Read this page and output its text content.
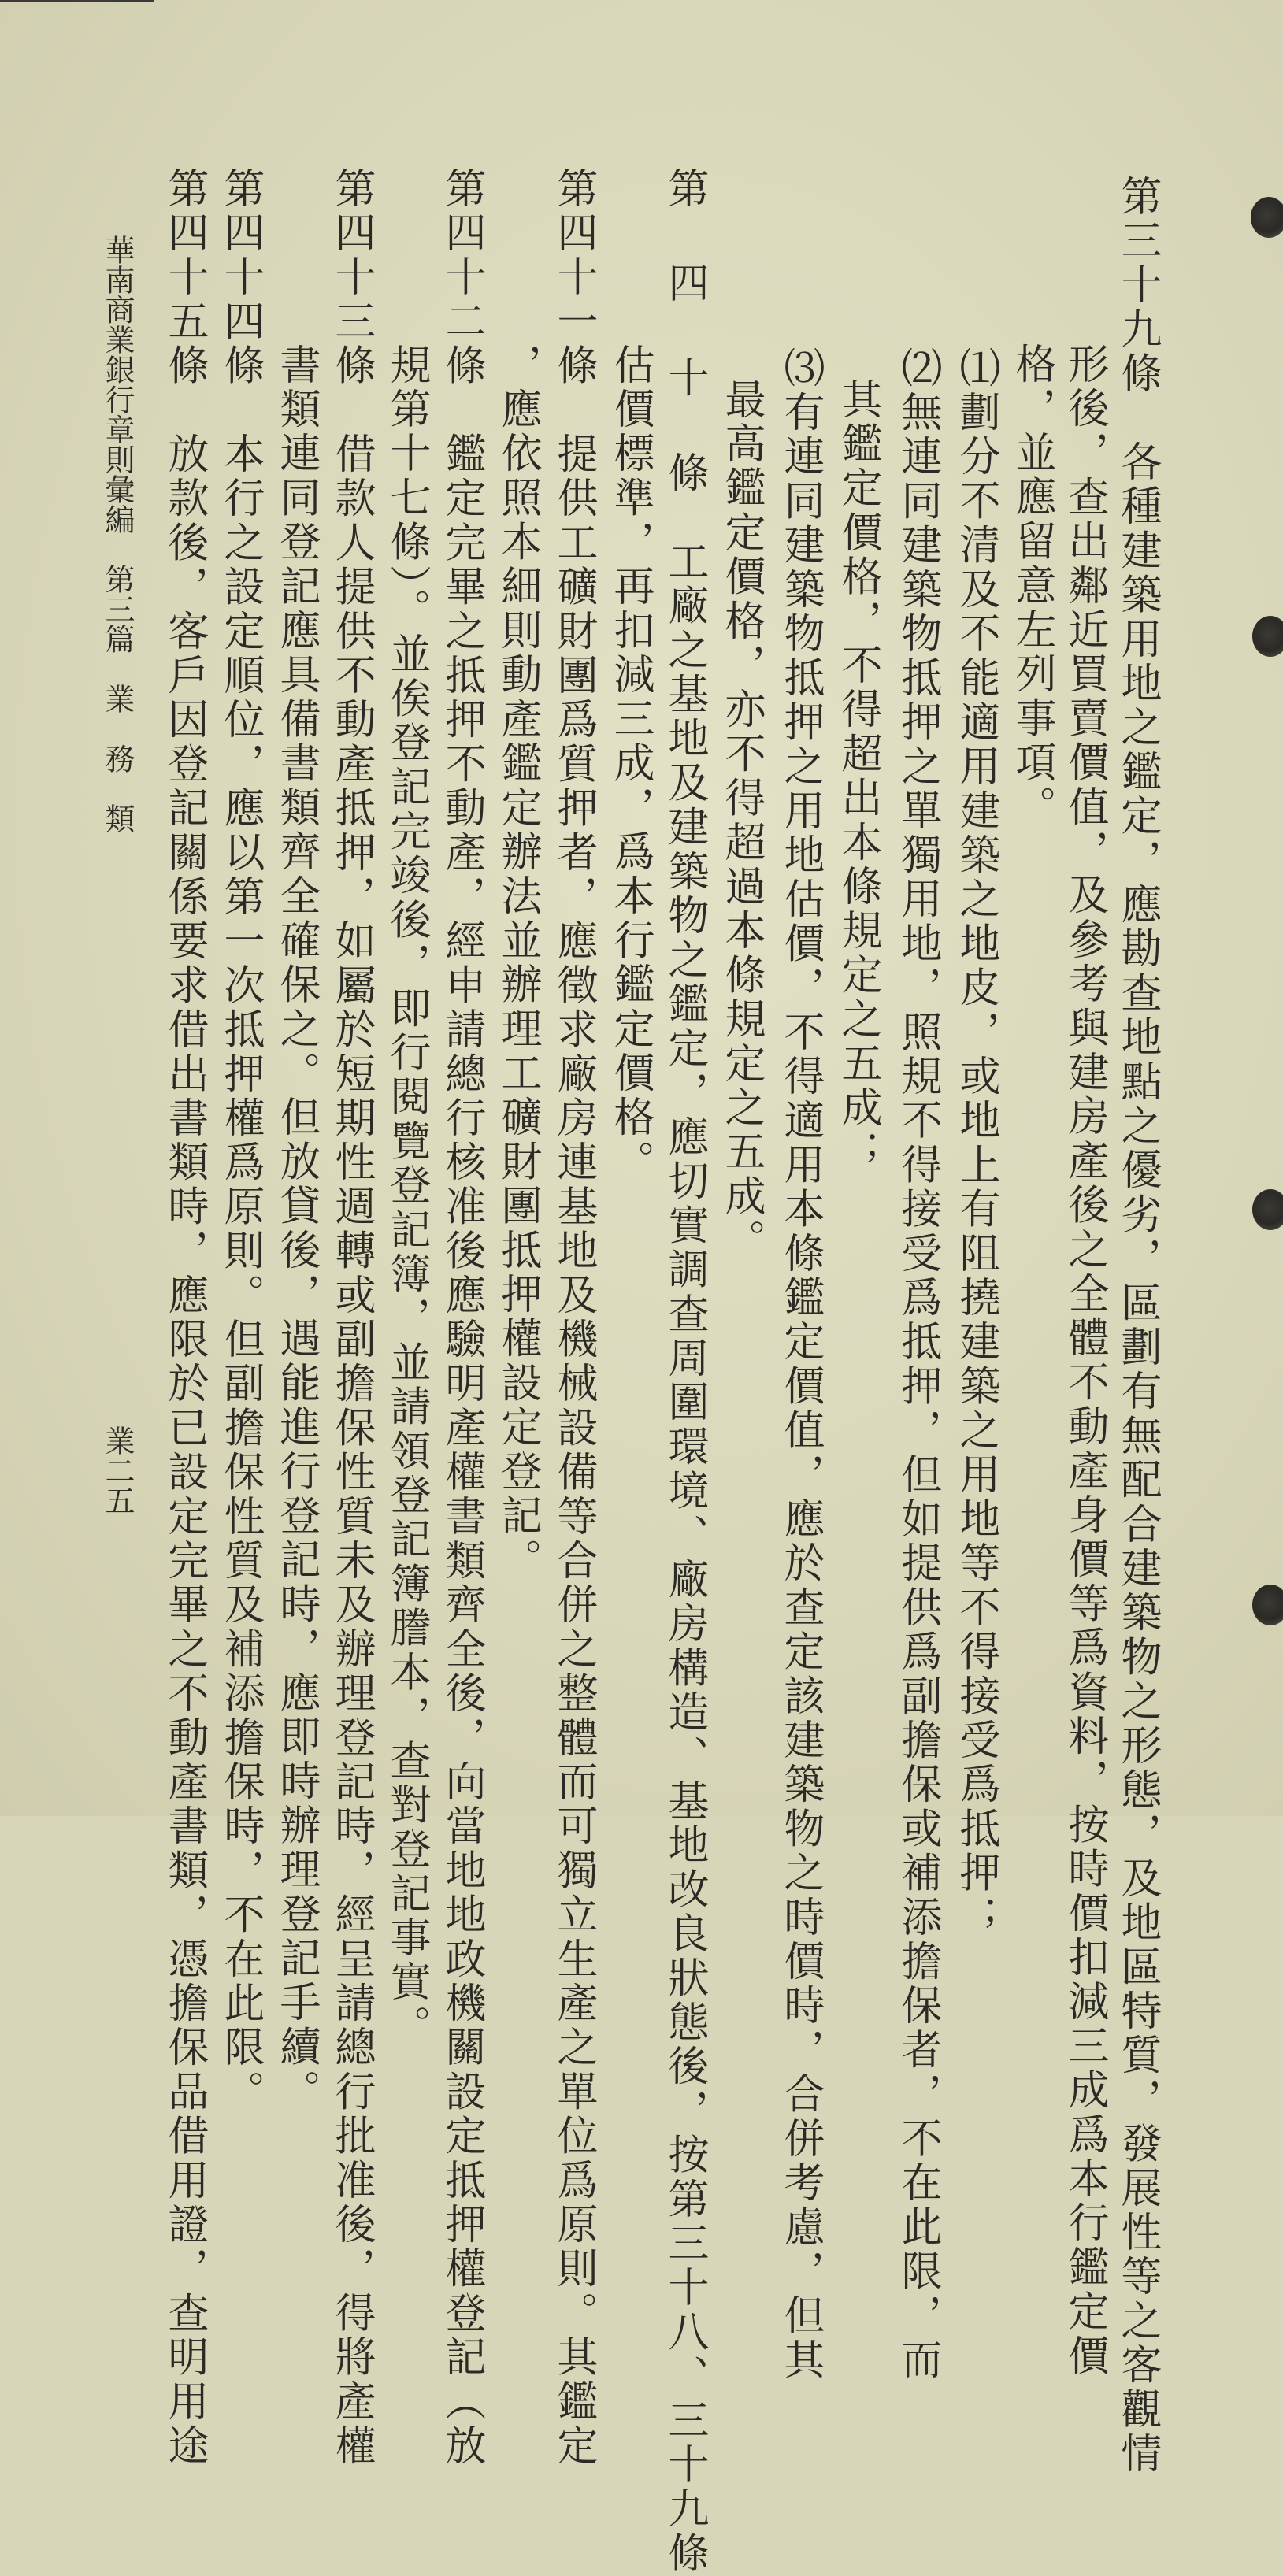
第三十九條　各種建築用地之鑑定，應勘查地點之優劣，區劃有無配合建築物之形態，及地區特質，發展性等之客觀情
形後，查出鄰近買賣價值，及參考與建房產後之全體不動產身價等爲資料，按時價扣減三成爲本行鑑定價
格，並應留意左列事項。
⑴劃分不清及不能適用建築之地皮，或地上有阻撓建築之用地等不得接受爲抵押；
⑵無連同建築物抵押之單獨用地，照規不得接受爲抵押，但如提供爲副擔保或補添擔保者，不在此限，而
其鑑定價格，不得超出本條規定之五成；
⑶有連同建築物抵押之用地估價，不得適用本條鑑定價值，應於查定該建築物之時價時，合併考慮，但其
最高鑑定價格，亦不得超過本條規定之五成。
第 四 十 條　工廠之基地及建築物之鑑定，應切實調查周圍環境、廠房構造、基地改良狀態後，按第三十八、三十九條
估價標準，再扣減三成，爲本行鑑定價格。
第四十一條　提供工礦財團爲質押者，應徵求廠房連基地及機械設備等合併之整體而可獨立生產之單位爲原則。其鑑定
，應依照本細則動產鑑定辦法並辦理工礦財團抵押權設定登記。
第四十二條　鑑定完畢之抵押不動產，經申請總行核准後應驗明產權書類齊全後，向當地地政機關設定抵押權登記（放
規第十七條）。並俟登記完竣後，即行閱覽登記簿，並請領登記簿謄本，查對登記事實。
第四十三條　借款人提供不動產抵押，如屬於短期性週轉或副擔保性質未及辦理登記時，經呈請總行批准後，得將產權
書類連同登記應具備書類齊全確保之。但放貸後，遇能進行登記時，應即時辦理登記手續。
第四十四條　本行之設定順位，應以第一次抵押權爲原則。但副擔保性質及補添擔保時，不在此限。
第四十五條　放款後，客戶因登記關係要求借出書類時，應限於已設定完畢之不動產書類，憑擔保品借用證，查明用途
華南商業銀行章則彙編　第三篇　業　務　類
業二五
